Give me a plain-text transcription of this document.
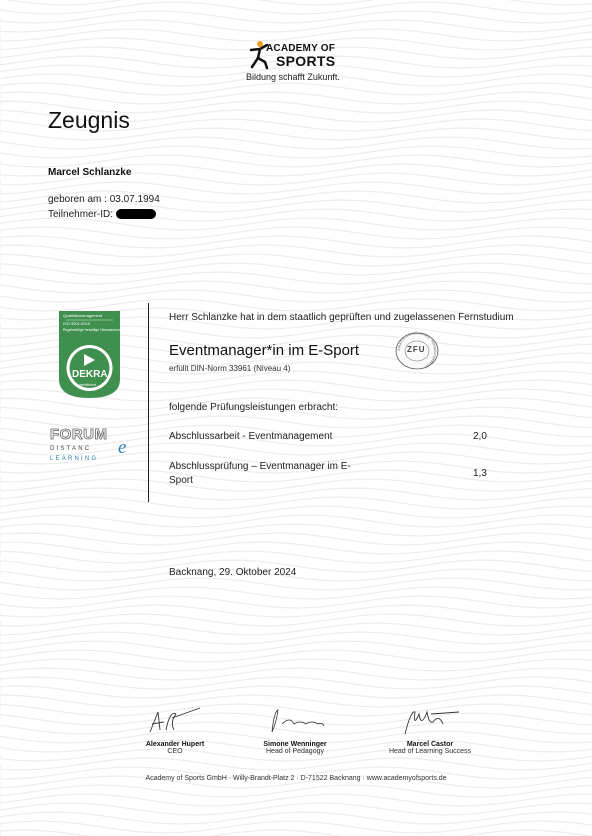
ACADEMY OF
SPORTS
Bildung schafft Zukunft.
Zeugnis
Marcel Schlanzke
geboren am : 03.07.1994
Teilnehmer-ID:
Qualitätsmanagement
ISO 9001:2015
Regelmäßige freiwillige Überwachung
DEKRA
zertifiziert
FORUM
DISTANC e
LEARNING
Herr Schlanzke hat in dem staatlich geprüften und zugelassenen Fernstudium
Eventmanager*in im E-Sport
erfüllt DIN-Norm 33961 (Niveau 4)
STAATLICH ZUGELASSEN · FERNUNTERRICHT
ZFU
folgende Prüfungsleistungen erbracht:
Abschlussarbeit - Eventmanagement	2,0
Abschlussprüfung – Eventmanager im E-
Sport
1,3
Backnang, 29. Oktober 2024
Alexander Hupert
CEO
Simone Wenninger
Head of Pedagogy
Marcel Castor
Head of Learning Success
Academy of Sports GmbH · Willy-Brandt-Platz 2 · D-71522 Backnang · www.academyofsports.de
